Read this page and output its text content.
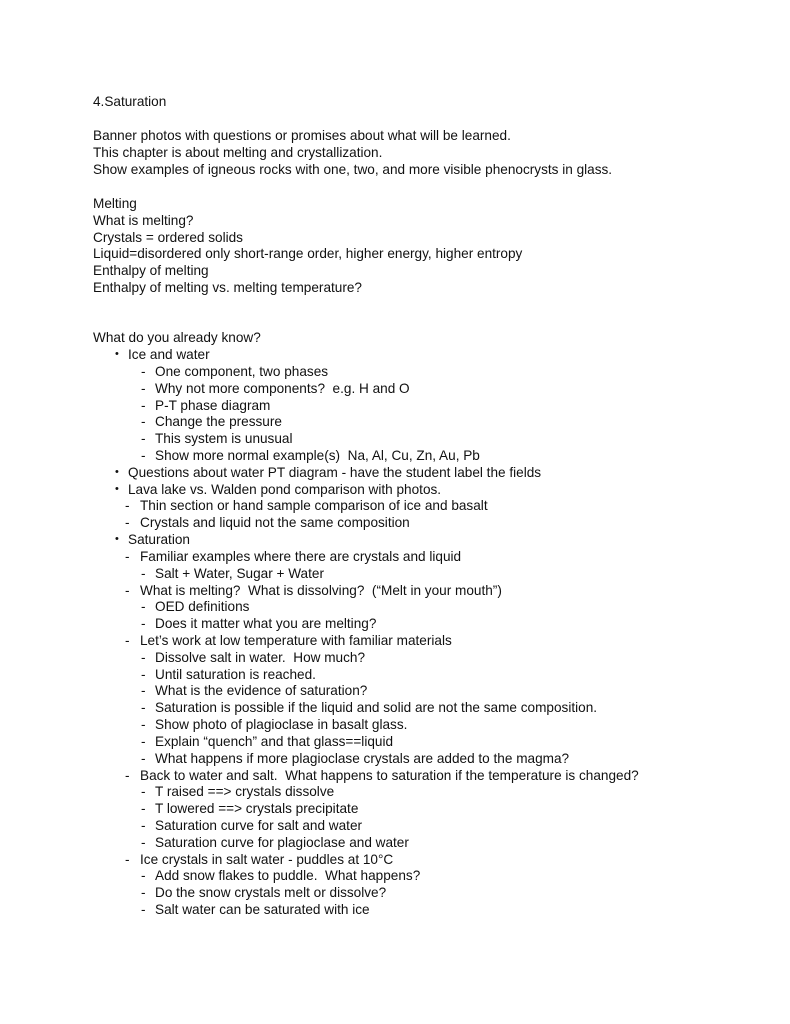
4.Saturation
Banner photos with questions or promises about what will be learned.
This chapter is about melting and crystallization.
Show examples of igneous rocks with one, two, and more visible phenocrysts in glass.
Melting
What is melting?
Crystals = ordered solids
Liquid=disordered only short-range order, higher energy, higher entropy
Enthalpy of melting
Enthalpy of melting vs. melting temperature?
What do you already know?
• Ice and water
- One component, two phases
- Why not more components?  e.g. H and O
- P-T phase diagram
- Change the pressure
- This system is unusual
- Show more normal example(s)  Na, Al, Cu, Zn, Au, Pb
• Questions about water PT diagram - have the student label the fields
• Lava lake vs. Walden pond comparison with photos.
- Thin section or hand sample comparison of ice and basalt
- Crystals and liquid not the same composition
• Saturation
- Familiar examples where there are crystals and liquid
- Salt + Water, Sugar + Water
- What is melting?  What is dissolving?  (“Melt in your mouth”)
- OED definitions
- Does it matter what you are melting?
- Let’s work at low temperature with familiar materials
- Dissolve salt in water.  How much?
- Until saturation is reached.
- What is the evidence of saturation?
- Saturation is possible if the liquid and solid are not the same composition.
- Show photo of plagioclase in basalt glass.
- Explain “quench” and that glass==liquid
- What happens if more plagioclase crystals are added to the magma?
- Back to water and salt.  What happens to saturation if the temperature is changed?
- T raised ==> crystals dissolve
- T lowered ==> crystals precipitate
- Saturation curve for salt and water
- Saturation curve for plagioclase and water
- Ice crystals in salt water - puddles at 10°C
- Add snow flakes to puddle.  What happens?
- Do the snow crystals melt or dissolve?
- Salt water can be saturated with ice
